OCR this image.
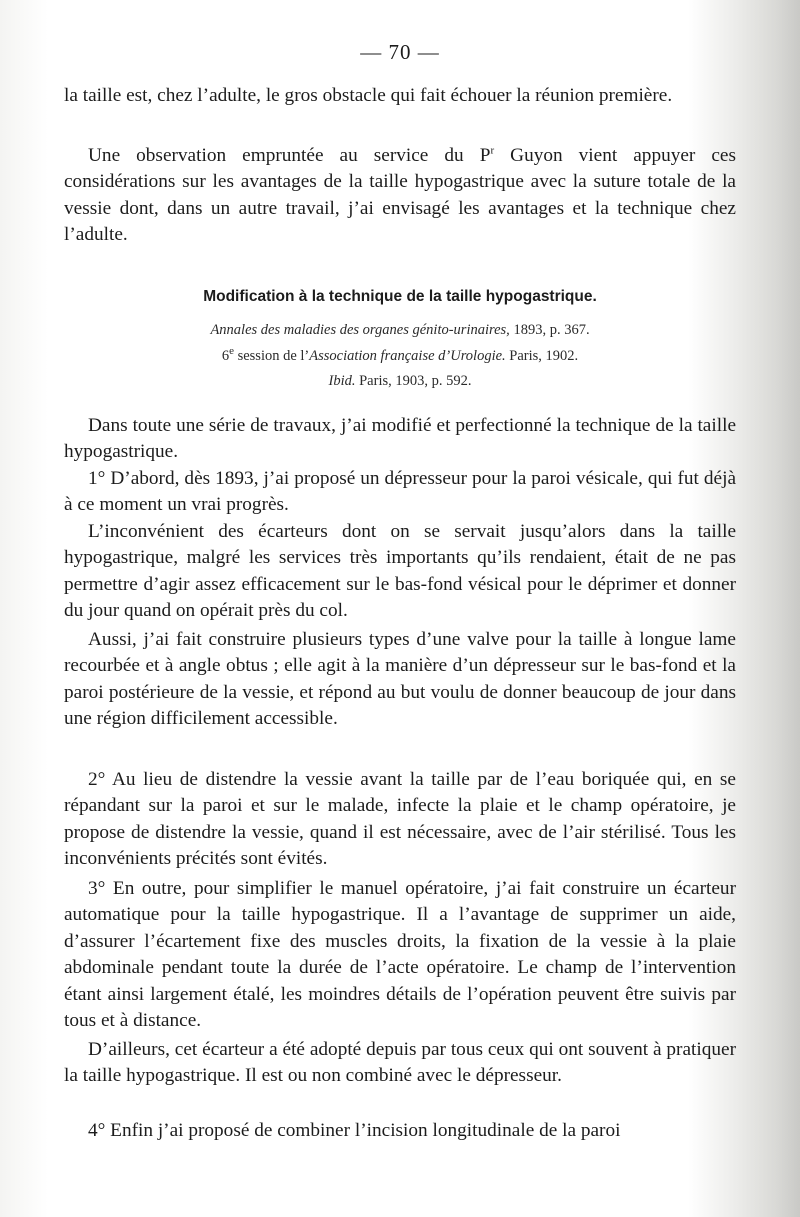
— 70 —

la taille est, chez l’adulte, le gros obstacle qui fait échouer la réunion première.

Une observation empruntée au service du $P^r$ Guyon vient appuyer ces considérations sur les avantages de la taille hypogastrique avec la suture totale de la vessie dont, dans un autre travail, j’ai envisagé les avantages et la technique chez l’adulte.

Modification à la technique de la taille hypogastrique.
Annales des maladies des organes génito-urinaires, 1893, p. 367.
6e session de l’Association française d’Urologie. Paris, 1902.
Ibid. Paris, 1903, p. 592.

Dans toute une série de travaux, j’ai modifié et perfectionné la technique de la taille hypogastrique.

1° D’abord, dès 1893, j’ai proposé un dépresseur pour la paroi vésicale, qui fut déjà à ce moment un vrai progrès.

L’inconvénient des écarteurs dont on se servait jusqu’alors dans la taille hypogastrique, malgré les services très importants qu’ils rendaient, était de ne pas permettre d’agir assez efficacement sur le bas-fond vésical pour le déprimer et donner du jour quand on opérait près du col.

Aussi, j’ai fait construire plusieurs types d’une valve pour la taille à longue lame recourbée et à angle obtus ; elle agit à la manière d’un dépresseur sur le bas-fond et la paroi postérieure de la vessie, et répond au but voulu de donner beaucoup de jour dans une région difficilement accessible.

2° Au lieu de distendre la vessie avant la taille par de l’eau boriquée qui, en se répandant sur la paroi et sur le malade, infecte la plaie et le champ opératoire, je propose de distendre la vessie, quand il est nécessaire, avec de l’air stérilisé. Tous les inconvénients précités sont évités.

3° En outre, pour simplifier le manuel opératoire, j’ai fait construire un écarteur automatique pour la taille hypogastrique. Il a l’avantage de supprimer un aide, d’assurer l’écartement fixe des muscles droits, la fixation de la vessie à la plaie abdominale pendant toute la durée de l’acte opératoire. Le champ de l’intervention étant ainsi largement étalé, les moindres détails de l’opération peuvent être suivis par tous et à distance.

D’ailleurs, cet écarteur a été adopté depuis par tous ceux qui ont souvent à pratiquer la taille hypogastrique. Il est ou non combiné avec le dépresseur.

4° Enfin j’ai proposé de combiner l’incision longitudinale de la paroi
